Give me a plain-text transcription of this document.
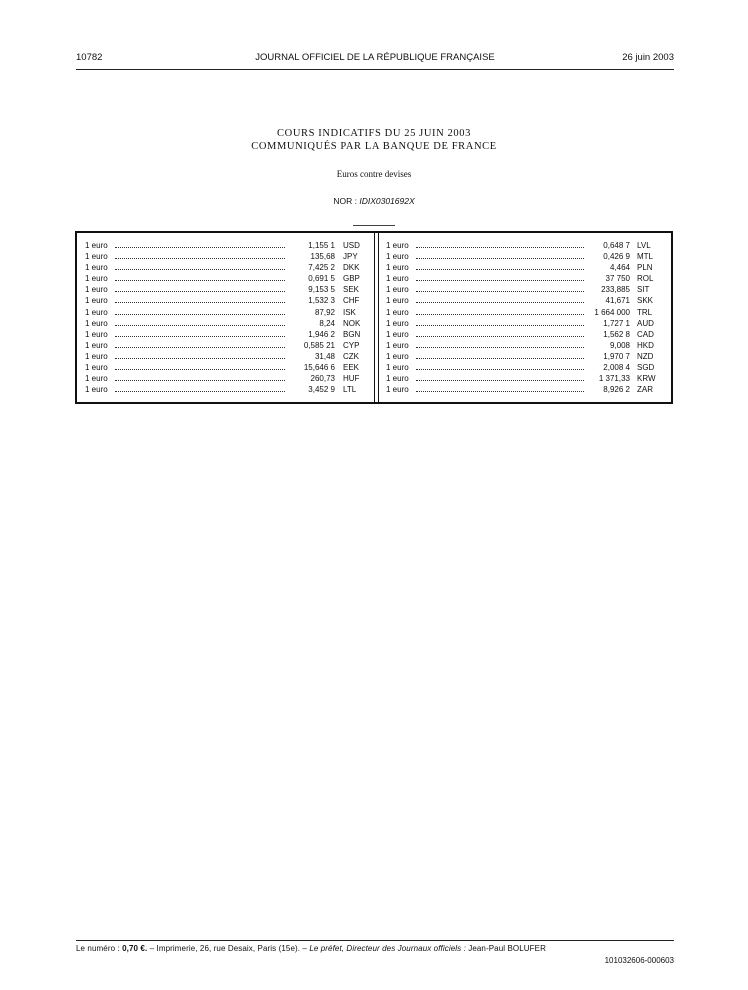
10782	JOURNAL OFFICIEL DE LA RÉPUBLIQUE FRANÇAISE	26 juin 2003
COURS INDICATIFS DU 25 JUIN 2003
COMMUNIQUÉS PAR LA BANQUE DE FRANCE
Euros contre devises
NOR : IDIX0301692X
1 euro	1,155 1 USD
1 euro	135,68 JPY
1 euro	7,425 2 DKK
1 euro	0,691 5 GBP
1 euro	9,153 5 SEK
1 euro	1,532 3 CHF
1 euro	87,92 ISK
1 euro	8,24 NOK
1 euro	1,946 2 BGN
1 euro	0,585 21 CYP
1 euro	31,48 CZK
1 euro	15,646 6 EEK
1 euro	260,73 HUF
1 euro	3,452 9 LTL
1 euro	0,648 7 LVL
1 euro	0,426 9 MTL
1 euro	4,464 PLN
1 euro	37 750 ROL
1 euro	233,885 SIT
1 euro	41,671 SKK
1 euro	1 664 000 TRL
1 euro	1,727 1 AUD
1 euro	1,562 8 CAD
1 euro	9,008 HKD
1 euro	1,970 7 NZD
1 euro	2,008 4 SGD
1 euro	1 371,33 KRW
1 euro	8,926 2 ZAR
Le numéro : 0,70 €. – Imprimerie, 26, rue Desaix, Paris (15e). – Le préfet, Directeur des Journaux officiels : Jean-Paul BOLUFER
101032606-000603
